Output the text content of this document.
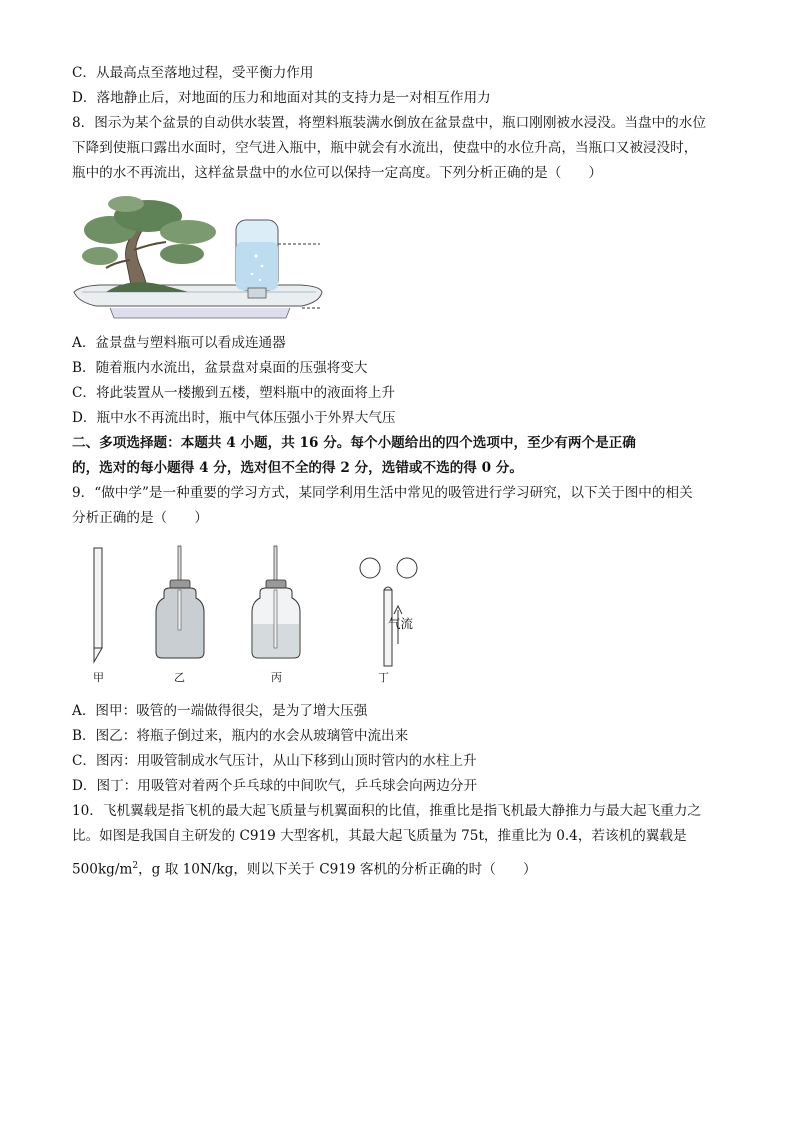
C．从最高点至落地过程，受平衡力作用
D．落地静止后，对地面的压力和地面对其的支持力是一对相互作用力
8．图示为某个盆景的自动供水装置，将塑料瓶装满水倒放在盆景盘中，瓶口刚刚被水浸没。当盘中的水位
下降到使瓶口露出水面时，空气进入瓶中，瓶中就会有水流出，使盘中的水位升高，当瓶口又被浸没时，
瓶中的水不再流出，这样盆景盘中的水位可以保持一定高度。下列分析正确的是（　　）
A．盆景盘与塑料瓶可以看成连通器
B．随着瓶内水流出，盆景盘对桌面的压强将变大
C．将此装置从一楼搬到五楼，塑料瓶中的液面将上升
D．瓶中水不再流出时，瓶中气体压强小于外界大气压
二、多项选择题：本题共 4 小题，共 16 分。每个小题给出的四个选项中，至少有两个是正确
的，选对的每小题得 4 分，选对但不全的得 2 分，选错或不选的得 0 分。
9．“做中学”是一种重要的学习方式，某同学利用生活中常见的吸管进行学习研究，以下关于图中的相关
分析正确的是（　　）
气流
甲	乙	丙	丁
A．图甲：吸管的一端做得很尖，是为了增大压强
B．图乙：将瓶子倒过来，瓶内的水会从玻璃管中流出来
C．图丙：用吸管制成水气压计，从山下移到山顶时管内的水柱上升
D．图丁：用吸管对着两个乒乓球的中间吹气，乒乓球会向两边分开
10．飞机翼载是指飞机的最大起飞质量与机翼面积的比值，推重比是指飞机最大静推力与最大起飞重力之
比。如图是我国自主研发的 C919 大型客机，其最大起飞质量为 75t，推重比为 0.4，若该机的翼载是
$500kg/m^2$，g 取 10N/kg，则以下关于 C919 客机的分析正确的时（　　）
